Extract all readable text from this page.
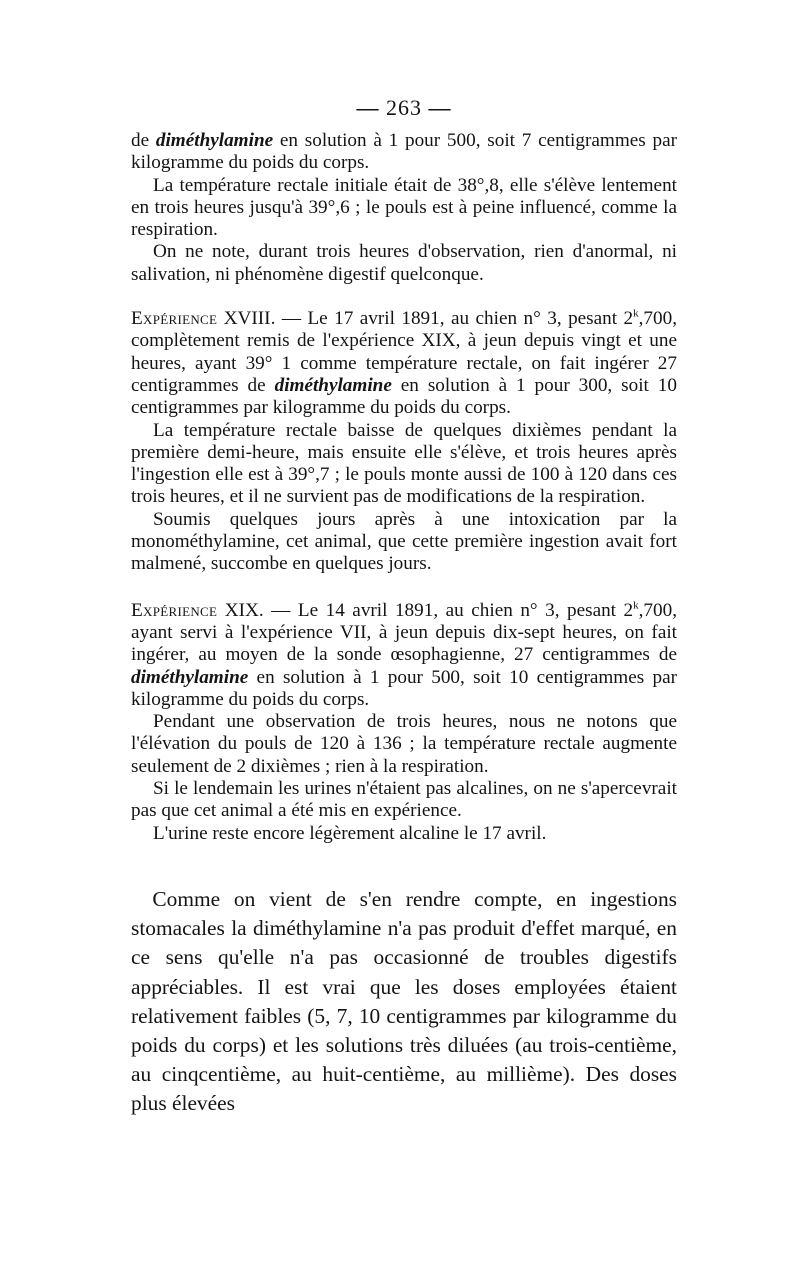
— 263 —

de diméthylamine en solution à 1 pour 500, soit 7 centigrammes par kilogramme du poids du corps.

La température rectale initiale était de 38°,8, elle s'élève lentement en trois heures jusqu'à 39°,6 ; le pouls est à peine influencé, comme la respiration.

On ne note, durant trois heures d'observation, rien d'anormal, ni salivation, ni phénomène digestif quelconque.

Expérience XVIII. — Le 17 avril 1891, au chien n° 3, pesant 2$^k$,700, complètement remis de l'expérience XIX, à jeun depuis vingt et une heures, ayant 39° 1 comme température rectale, on fait ingérer 27 centigrammes de diméthylamine en solution à 1 pour 300, soit 10 centigrammes par kilogramme du poids du corps.

La température rectale baisse de quelques dixièmes pendant la première demi-heure, mais ensuite elle s'élève, et trois heures après l'ingestion elle est à 39°,7 ; le pouls monte aussi de 100 à 120 dans ces trois heures, et il ne survient pas de modifications de la respiration.

Soumis quelques jours après à une intoxication par la monométhylamine, cet animal, que cette première ingestion avait fort malmené, succombe en quelques jours.

Expérience XIX. — Le 14 avril 1891, au chien n° 3, pesant 2$^k$,700, ayant servi à l'expérience VII, à jeun depuis dix-sept heures, on fait ingérer, au moyen de la sonde œsophagienne, 27 centigrammes de diméthylamine en solution à 1 pour 500, soit 10 centigrammes par kilogramme du poids du corps.

Pendant une observation de trois heures, nous ne notons que l'élévation du pouls de 120 à 136 ; la température rectale augmente seulement de 2 dixièmes ; rien à la respiration.

Si le lendemain les urines n'étaient pas alcalines, on ne s'apercevrait pas que cet animal a été mis en expérience.

L'urine reste encore légèrement alcaline le 17 avril.

 Comme on vient de s'en rendre compte, en ingestions stomacales la diméthylamine n'a pas produit d'effet marqué, en ce sens qu'elle n'a pas occasionné de troubles digestifs appréciables. Il est vrai que les doses employées étaient relativement faibles (5, 7, 10 centigrammes par kilogramme du poids du corps) et les solutions très diluées (au trois-centième, au cinqcentième, au huit-centième, au millième). Des doses plus élevées
